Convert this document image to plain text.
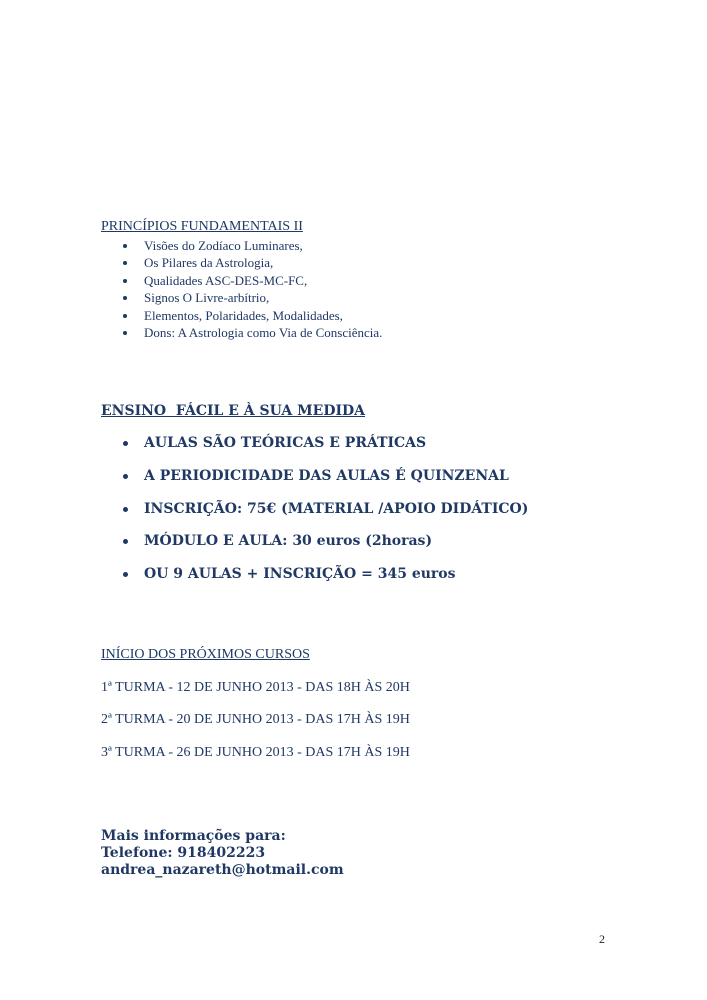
PRINCÍPIOS FUNDAMENTAIS II

Visões do Zodíaco Luminares,
Os Pilares da Astrologia,
Qualidades ASC-DES-MC-FC,
Signos O Livre-arbítrio,
Elementos, Polaridades, Modalidades,
Dons: A Astrologia como Via de Consciência.

ENSINO  FÁCIL E À SUA MEDIDA

AULAS SÃO TEÓRICAS E PRÁTICAS
A PERIODICIDADE DAS AULAS É QUINZENAL
INSCRIÇÃO: 75€ (MATERIAL /APOIO DIDÁTICO)
MÓDULO E AULA: 30 euros (2horas)
OU 9 AULAS + INSCRIÇÃO = 345 euros

INÍCIO DOS PRÓXIMOS CURSOS

1ª TURMA - 12 DE JUNHO 2013 - DAS 18H ÀS 20H

2ª TURMA - 20 DE JUNHO 2013 - DAS 17H ÀS 19H

3ª TURMA - 26 DE JUNHO 2013 - DAS 17H ÀS 19H

Mais informações para:
Telefone: 918402223
andrea_nazareth@hotmail.com
2
